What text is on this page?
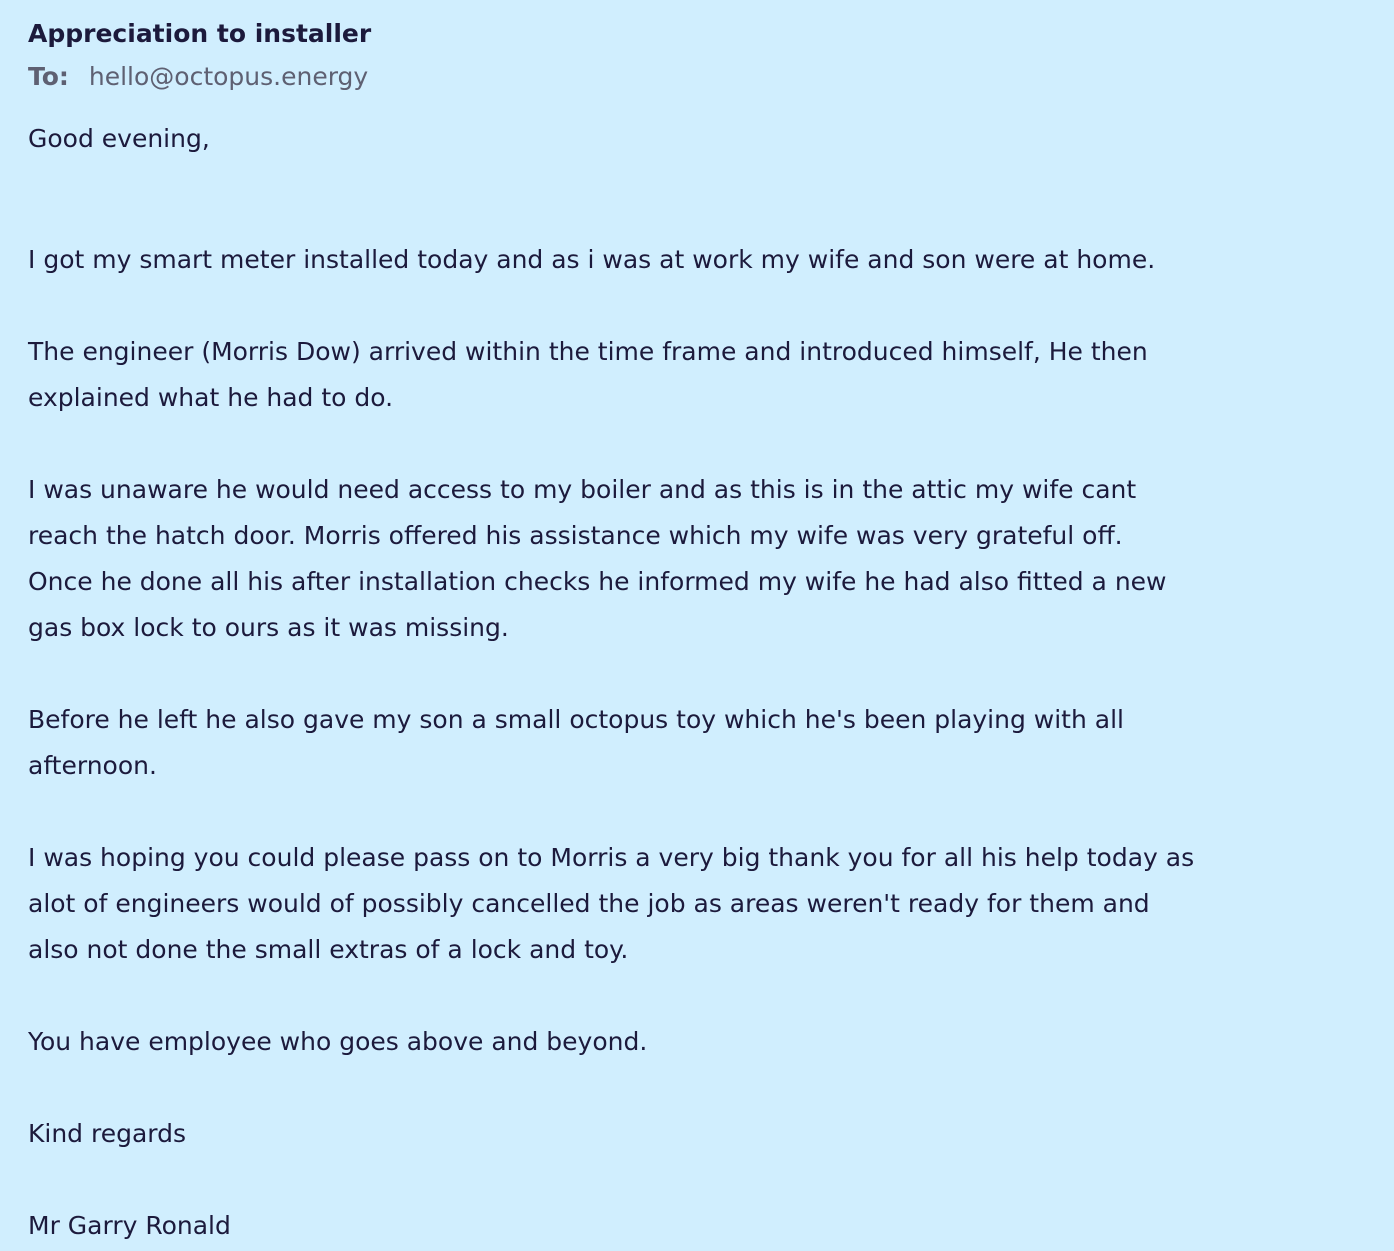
Appreciation to installer
To: hello@octopus.energy
Good evening,
I got my smart meter installed today and as i was at work my wife and son were at home.
The engineer (Morris Dow) arrived within the time frame and introduced himself, He then
explained what he had to do.
I was unaware he would need access to my boiler and as this is in the attic my wife cant
reach the hatch door. Morris offered his assistance which my wife was very grateful off.
Once he done all his after installation checks he informed my wife he had also fitted a new
gas box lock to ours as it was missing.
Before he left he also gave my son a small octopus toy which he's been playing with all
afternoon.
I was hoping you could please pass on to Morris a very big thank you for all his help today as
alot of engineers would of possibly cancelled the job as areas weren't ready for them and
also not done the small extras of a lock and toy.
You have employee who goes above and beyond.
Kind regards
Mr Garry Ronald
